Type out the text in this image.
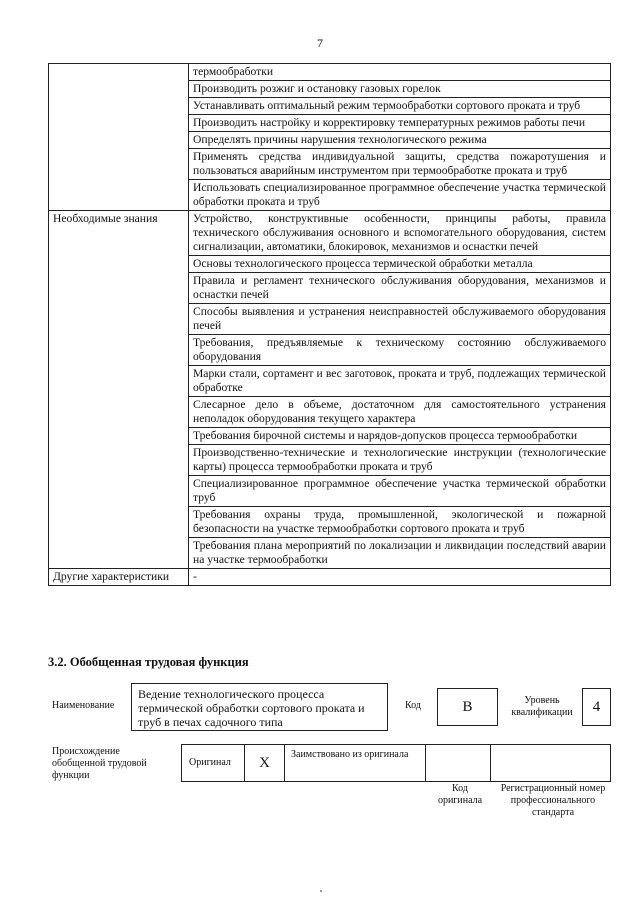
7
	термообработки
	Производить розжиг и остановку газовых горелок
	Устанавливать оптимальный режим термообработки сортового проката и труб
	Производить настройку и корректировку температурных режимов работы печи
	Определять причины нарушения технологического режима
	Применять средства индивидуальной защиты, средства пожаротушения и пользоваться аварийным инструментом при термообработке проката и труб
	Использовать специализированное программное обеспечение участка термической обработки проката и труб
Необходимые знания	Устройство, конструктивные особенности, принципы работы, правила технического обслуживания основного и вспомогательного оборудования, систем сигнализации, автоматики, блокировок, механизмов и оснастки печей
	Основы технологического процесса термической обработки металла
	Правила и регламент технического обслуживания оборудования, механизмов и оснастки печей
	Способы выявления и устранения неисправностей обслуживаемого оборудования печей
	Требования, предъявляемые к техническому состоянию обслуживаемого оборудования
	Марки стали, сортамент и вес заготовок, проката и труб, подлежащих термической обработке
	Слесарное дело в объеме, достаточном для самостоятельного устранения неполадок оборудования текущего характера
	Требования бирочной системы и нарядов-допусков процесса термообработки
	Производственно-технические и технологические инструкции (технологические карты) процесса термообработки проката и труб
	Специализированное программное обеспечение участка термической обработки труб
	Требования охраны труда, промышленной, экологической и пожарной безопасности на участке термообработки сортового проката и труб
	Требования плана мероприятий по локализации и ликвидации последствий аварии на участке термообработки
Другие характеристики	-
3.2. Обобщенная трудовая функция
Наименование
Ведение технологического процесса термической обработки сортового проката и труб в печах садочного типа
Код	B	Уровень квалификации	4
Происхождение обобщенной трудовой функции
Оригинал	X	Заимствовано из оригинала
Код оригинала
Регистрационный номер профессионального стандарта
